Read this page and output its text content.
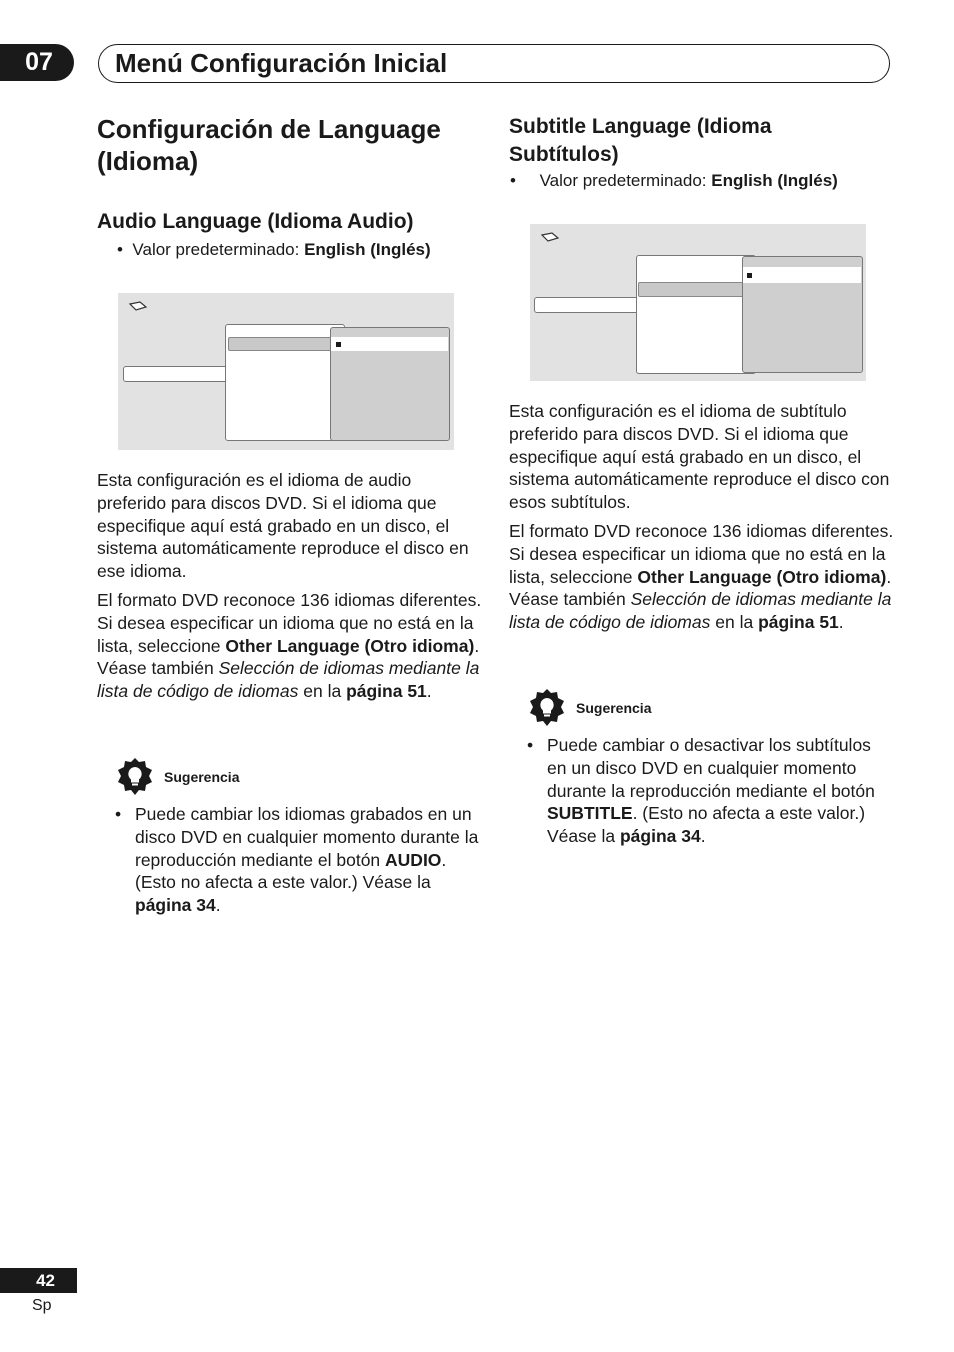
07	Menú Configuración Inicial
Configuración de Language
(Idioma)
Audio Language (Idioma Audio)
• Valor predeterminado: English (Inglés)

Esta configuración es el idioma de audio preferido para discos DVD. Si el idioma que especifique aquí está grabado en un disco, el sistema automáticamente reproduce el disco en ese idioma.

El formato DVD reconoce 136 idiomas diferentes. Si desea especificar un idioma que no está en la lista, seleccione Other Language (Otro idioma). Véase también Selección de idiomas mediante la lista de código de idiomas en la página 51.

Sugerencia
• Puede cambiar los idiomas grabados en un disco DVD en cualquier momento durante la reproducción mediante el botón AUDIO. (Esto no afecta a este valor.) Véase la página 34.
Subtitle Language (Idioma
Subtítulos)
• Valor predeterminado: English (Inglés)

Esta configuración es el idioma de subtítulo preferido para discos DVD. Si el idioma que especifique aquí está grabado en un disco, el sistema automáticamente reproduce el disco con esos subtítulos.

El formato DVD reconoce 136 idiomas diferentes. Si desea especificar un idioma que no está en la lista, seleccione Other Language (Otro idioma). Véase también Selección de idiomas mediante la lista de código de idiomas en la página 51.

Sugerencia
• Puede cambiar o desactivar los subtítulos en un disco DVD en cualquier momento durante la reproducción mediante el botón SUBTITLE. (Esto no afecta a este valor.) Véase la página 34.
42
Sp
